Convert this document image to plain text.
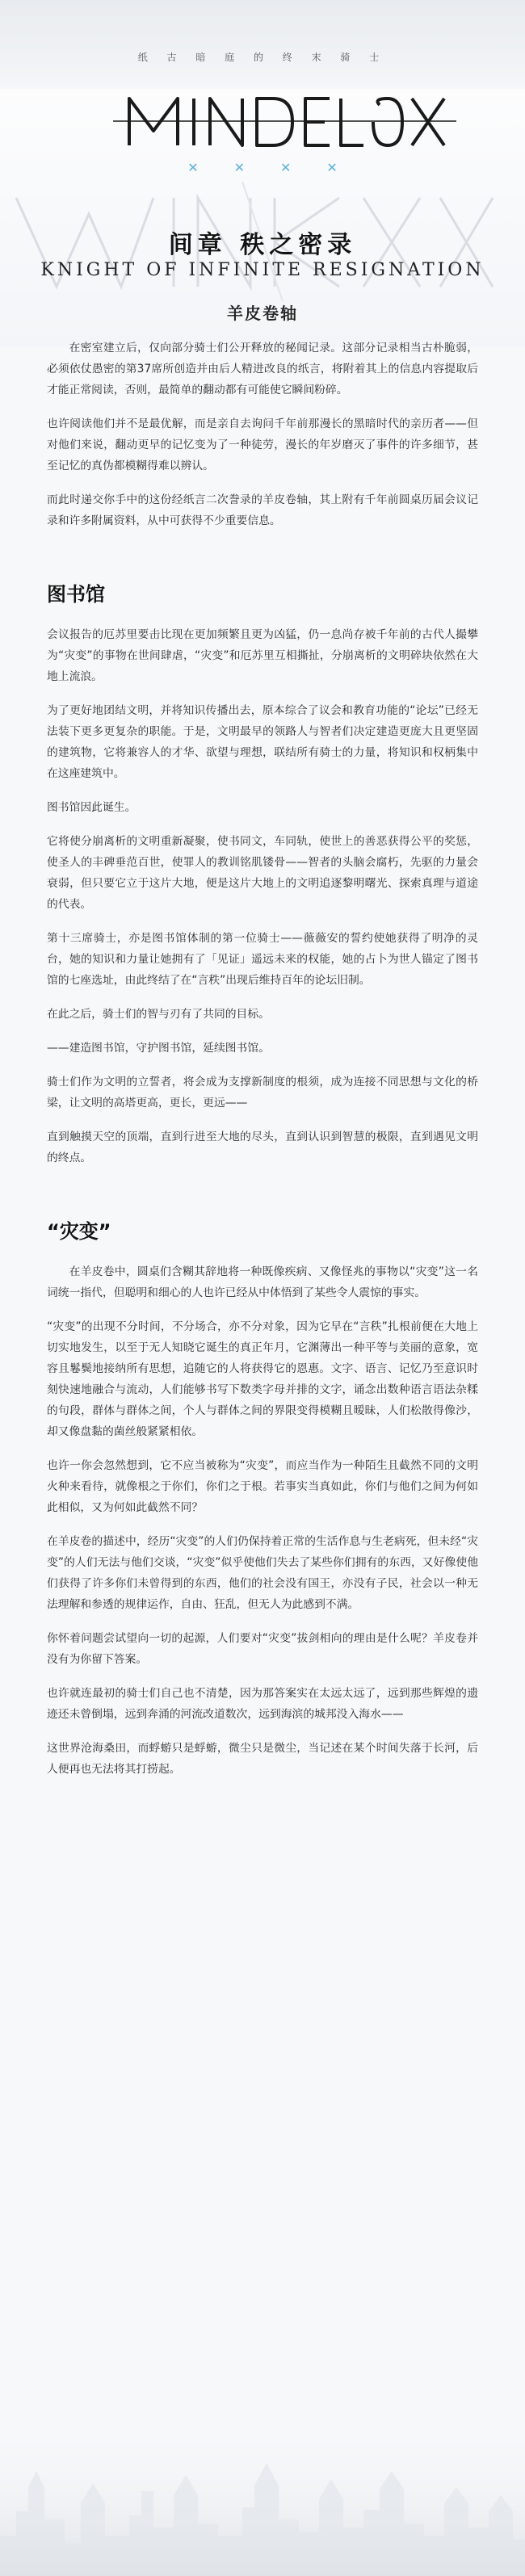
纸 古 暗 庭 的 终 末 骑 士
MINDELOX
✕✕✕✕
间章 秩之密录
KNIGHT OF INFINITE RESIGNATION
羊皮卷轴

在密室建立后，仅向部分骑士们公开释放的秘闻记录。这部分记录相当古朴脆弱，必须依仗愚密的第37席所创造并由后人精进改良的纸言，将附着其上的信息内容提取后才能正常阅读，否则，最简单的翻动都有可能使它瞬间粉碎。

也许阅读他们并不是最优解，而是亲自去询问千年前那漫长的黑暗时代的亲历者——但对他们来说，翻动更早的记忆变为了一种徒劳，漫长的年岁磨灭了事件的许多细节，甚至记忆的真伪都模糊得难以辨认。

而此时递交你手中的这份经纸言二次誊录的羊皮卷轴，其上附有千年前圆桌历届会议记录和许多附属资料，从中可获得不少重要信息。

图书馆

会议报告的厄苏里要击比现在更加频繁且更为凶猛，仍一息尚存被千年前的古代人撮攀为“灾变”的事物在世间肆虐，“灾变”和厄苏里互相撕扯，分崩离析的文明碎块依然在大地上流浪。

为了更好地团结文明，并将知识传播出去，原本综合了议会和教育功能的“论坛”已经无法装下更多更复杂的职能。于是，文明最早的领路人与智者们决定建造更庞大且更坚固的建筑物，它将兼容人的才华、欲望与理想，联结所有骑士的力量，将知识和权柄集中在这座建筑中。

图书馆因此诞生。

它将使分崩离析的文明重新凝聚，使书同文，车同轨，使世上的善恶获得公平的奖惩，使圣人的丰碑垂范百世，使罪人的教训铭肌镂骨——智者的头脑会腐朽，先驱的力量会衰弱，但只要它立于这片大地，便是这片大地上的文明追逐黎明曙光、探索真理与道途的代表。

第十三席骑士，亦是图书馆体制的第一位骑士——薇薇安的誓约使她获得了明净的灵台，她的知识和力量让她拥有了「见证」遥远未来的权能，她的占卜为世人锚定了图书馆的七座选址，由此终结了在“言秩”出现后维持百年的论坛旧制。

在此之后，骑士们的智与刃有了共同的目标。

——建造图书馆，守护图书馆，延续图书馆。

骑士们作为文明的立誓者，将会成为支撑新制度的根须，成为连接不同思想与文化的桥梁，让文明的高塔更高，更长，更远——

直到触摸天空的顶端，直到行进至大地的尽头，直到认识到智慧的极限，直到遇见文明的终点。

“灾变”

在羊皮卷中，圆桌们含糊其辞地将一种既像疾病、又像怪兆的事物以“灾变”这一名词统一指代，但聪明和细心的人也许已经从中体悟到了某些令人震惊的事实。

“灾变”的出现不分时间，不分场合，亦不分对象，因为它早在“言秩”扎根前便在大地上切实地发生，以至于无人知晓它诞生的真正年月，它渊薄出一种平等与美丽的意象，宽容且鬈鬓地接纳所有思想，追随它的人将获得它的恩惠。文字、语言、记忆乃至意识时刻快速地融合与流动，人们能够书写下数类字母并排的文字，诵念出数种语言语法杂糅的句段，群体与群体之间，个人与群体之间的界限变得模糊且暧昧，人们松散得像沙，却又像盘黏的菌丝般紧紧相依。

也许一你会忽然想到，它不应当被称为“灾变”，而应当作为一种陌生且截然不同的文明火种来看待，就像根之于你们，你们之于根。若事实当真如此，你们与他们之间为何如此相似，又为何如此截然不同？

在羊皮卷的描述中，经历“灾变”的人们仍保持着正常的生活作息与生老病死，但未经“灾变”的人们无法与他们交谈，“灾变”似乎使他们失去了某些你们拥有的东西，又好像使他们获得了许多你们未曾得到的东西，他们的社会没有国王，亦没有子民，社会以一种无法理解和参透的规律运作，自由、狂乱，但无人为此感到不满。

你怀着问题尝试望向一切的起源，人们要对“灾变”拔剑相向的理由是什么呢？羊皮卷并没有为你留下答案。

也许就连最初的骑士们自己也不清楚，因为那答案实在太远太远了，远到那些辉煌的遗迹还未曾倒塌，远到奔涌的河流改道数次，远到海滨的城邦没入海水——

这世界沧海桑田，而蜉蝣只是蜉蝣，微尘只是微尘，当记述在某个时间失落于长河，后人便再也无法将其打捞起。
